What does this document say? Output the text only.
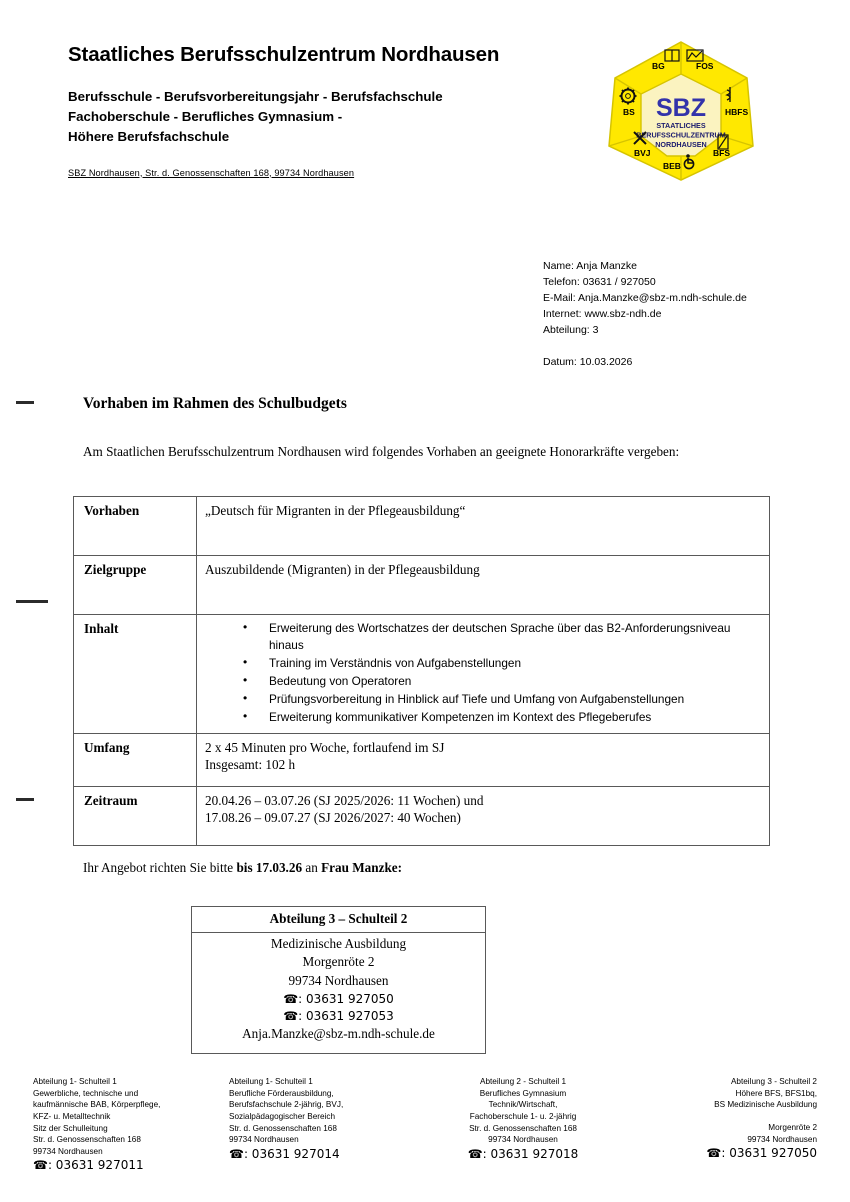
Staatliches Berufsschulzentrum Nordhausen
Berufsschule - Berufsvorbereitungsjahr - Berufsfachschule
Fachoberschule - Berufliches Gymnasium -
Höhere Berufsfachschule
SBZ Nordhausen, Str. d. Genossenschaften 168, 99734 Nordhausen
SBZ
STAATLICHES
BERUFSSCHULZENTRUM
NORDHAUSEN
BG	FOS
HBFS
BFS
BEB
BVJ
BS
Name: Anja Manzke
Telefon: 03631 / 927050
E-Mail: Anja.Manzke@sbz-m.ndh-schule.de
Internet: www.sbz-ndh.de
Abteilung: 3
Datum: 10.03.2026
Vorhaben im Rahmen des Schulbudgets
Am Staatlichen Berufsschulzentrum Nordhausen wird folgendes Vorhaben an geeignete Honorarkräfte vergeben:
Vorhaben	„Deutsch für Migranten in der Pflegeausbildung“
Zielgruppe	Auszubildende (Migranten) in der Pflegeausbildung
Inhalt	
•Erweiterung des Wortschatzes der deutschen Sprache über das B2-Anforderungsniveau hinaus
• Training im Verständnis von Aufgabenstellungen
• Bedeutung von Operatoren
• Prüfungsvorbereitung in Hinblick auf Tiefe und Umfang von Aufgabenstellungen
• Erweiterung kommunikativer Kompetenzen im Kontext des Pflegeberufes

Umfang	2 x 45 Minuten pro Woche, fortlaufend im SJ
Insgesamt: 102 h

Zeitraum	20.04.26 – 03.07.26 (SJ 2025/2026: 11 Wochen) und
17.08.26 – 09.07.27 (SJ 2026/2027: 40 Wochen)
Ihr Angebot richten Sie bitte bis 17.03.26 an Frau Manzke:
Abteilung 3 – Schulteil 2
Medizinische Ausbildung
Morgenröte 2
99734 Nordhausen
☎: 03631 927050
☎: 03631 927053
Anja.Manzke@sbz-m.ndh-schule.de
Abteilung 1- Schulteil 1
Gewerbliche, technische und
kaufmännische BAB, Körperpflege,
KFZ- u. Metalltechnik
Sitz der Schulleitung
Str. d. Genossenschaften 168
99734 Nordhausen
☎: 03631 927011
Abteilung 1- Schulteil 1
Berufliche Förderausbildung,
Berufsfachschule 2-jährig, BVJ,
Sozialpädagogischer Bereich
Str. d. Genossenschaften 168
99734 Nordhausen
☎: 03631 927014
Abteilung 2 - Schulteil 1
Berufliches Gymnasium
Technik/Wirtschaft,
Fachoberschule 1- u. 2-jährig
Str. d. Genossenschaften 168
99734 Nordhausen
☎: 03631 927018
Abteilung 3 - Schulteil 2
Höhere BFS, BFS1bq,
BS Medizinische Ausbildung
Morgenröte 2
99734 Nordhausen
☎: 03631 927050
